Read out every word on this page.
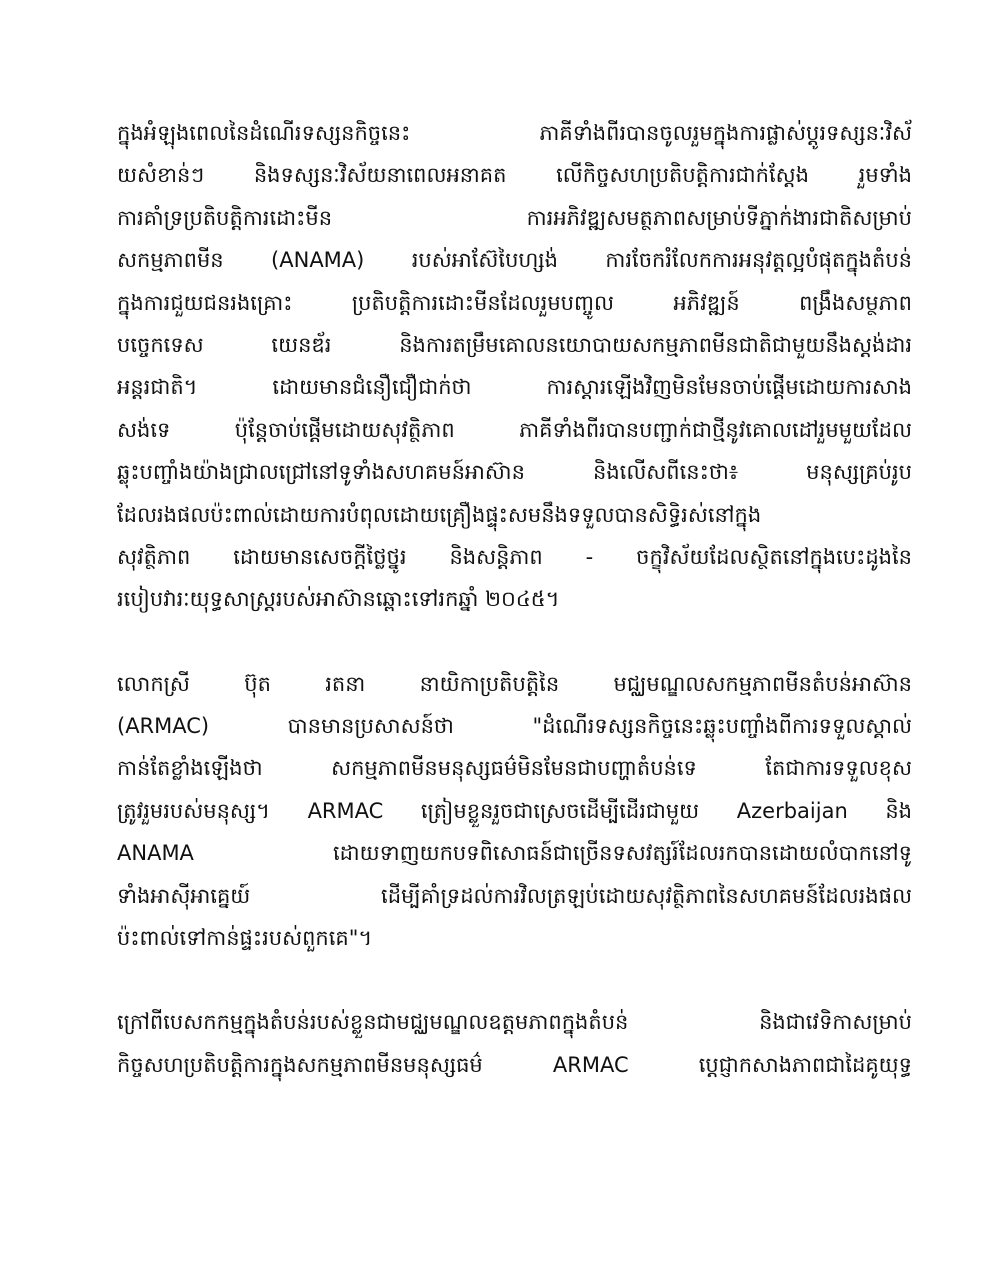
ក្នុងអំឡុងពេលនៃដំណើរទស្សនកិច្ចនេះ ភាគីទាំងពីរបានចូលរួមក្នុងការផ្លាស់ប្តូរទស្សនៈវិស័
យសំខាន់ៗ និងទស្សនៈវិស័យនាពេលអនាគត លើកិច្ចសហប្រតិបត្តិការជាក់ស្តែង រួមទាំង
ការគាំទ្រប្រតិបត្តិការដោះមីន ការអភិវឌ្ឍសមត្ថភាពសម្រាប់ទីភ្នាក់ងារជាតិសម្រាប់
សកម្មភាពមីន (ANAMA) របស់អាស៊ែបៃហ្សង់ ការចែករំលែកការអនុវត្តល្អបំផុតក្នុងតំបន់
ក្នុងការជួយជនរងគ្រោះ ប្រតិបត្តិការដោះមីនដែលរួមបញ្ចូល អភិវឌ្ឍន៍ ពង្រឹងសម្ថភាព
បច្ចេកទេស យេនឌ័រ និងការតម្រឹមគោលនយោបាយសកម្មភាពមីនជាតិជាមួយនឹងស្តង់ដារ
អន្តរជាតិ។ ដោយមានជំនឿជឿជាក់ថា ការស្តារឡើងវិញមិនមែនចាប់ផ្តើមដោយការសាង
សង់ទេ ប៉ុន្តែចាប់ផ្តើមដោយសុវត្ថិភាព ភាគីទាំងពីរបានបញ្ជាក់ជាថ្មីនូវគោលដៅរួមមួយដែល
ឆ្លុះបញ្ចាំងយ៉ាងជ្រាលជ្រៅនៅទូទាំងសហគមន៍អាស៊ាន និងលើសពីនេះថា៖ មនុស្សគ្រប់រូប
ដែលរងផលប៉ះពាល់ដោយការបំពុលដោយគ្រឿងផ្ទុះសមនឹងទទួលបានសិទ្ធិរស់នៅក្នុង
សុវត្ថិភាព ដោយមានសេចក្តីថ្លៃថ្នូរ និងសន្តិភាព - ចក្ខុវិស័យដែលស្ថិតនៅក្នុងបេះដូងនៃ
របៀបវារៈយុទ្ធសាស្ត្ររបស់អាស៊ានឆ្ពោះទៅរកឆ្នាំ ២០៤៥។
លោកស្រី ប៊ុត រតនា នាយិកាប្រតិបត្តិនៃ មជ្ឈមណ្ឌលសកម្មភាពមីនតំបន់អាស៊ាន
(ARMAC) បានមានប្រសាសន៍ថា "ដំណើរទស្សនកិច្ចនេះឆ្លុះបញ្ចាំងពីការទទួលស្គាល់
កាន់តែខ្លាំងឡើងថា សកម្មភាពមីនមនុស្សធម៌មិនមែនជាបញ្ហាតំបន់ទេ តែជាការទទួលខុស
ត្រូវរួមរបស់មនុស្ស។ ARMAC ត្រៀមខ្លួនរួចជាស្រេចដើម្បីដើរជាមួយ Azerbaijan និង
ANAMA ដោយទាញយកបទពិសោធន៍ជាច្រើនទសវត្សរ៍ដែលរកបានដោយលំបាកនៅទូ
ទាំងអាស៊ីអាគ្នេយ៍ ដើម្បីគាំទ្រដល់ការវិលត្រឡប់ដោយសុវត្ថិភាពនៃសហគមន៍ដែលរងផល
ប៉ះពាល់ទៅកាន់ផ្ទះរបស់ពួកគេ"។
ក្រៅពីបេសកកម្មក្នុងតំបន់របស់ខ្លួនជាមជ្ឈមណ្ឌលឧត្តមភាពក្នុងតំបន់ និងជាវេទិកាសម្រាប់
កិច្ចសហប្រតិបត្តិការក្នុងសកម្មភាពមីនមនុស្សធម៌ ARMAC ប្តេជ្ញាកសាងភាពជាដៃគូយុទ្ធ
